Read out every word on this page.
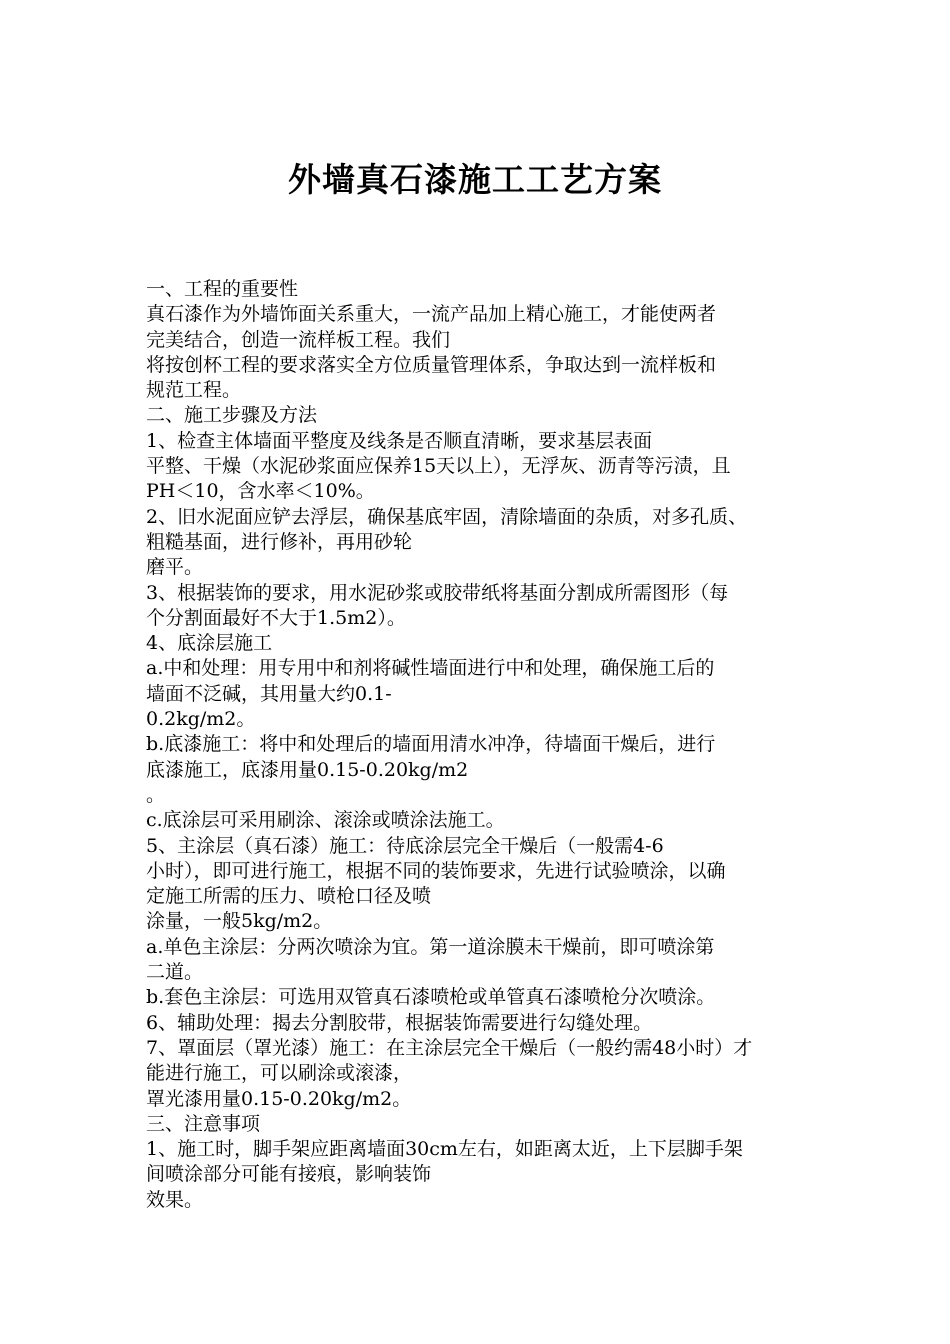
外墙真石漆施工工艺方案

一、工程的重要性

真石漆作为外墙饰面关系重大，一流产品加上精心施工，才能使两者

完美结合，创造一流样板工程。我们

将按创杯工程的要求落实全方位质量管理体系，争取达到一流样板和

规范工程。

二、施工步骤及方法

1、检查主体墙面平整度及线条是否顺直清晰，要求基层表面

平整、干燥（水泥砂浆面应保养15天以上），无浮灰、沥青等污渍，且

PH＜10，含水率＜10%。

2、旧水泥面应铲去浮层，确保基底牢固，清除墙面的杂质，对多孔质、

粗糙基面，进行修补，再用砂轮

磨平。

3、根据装饰的要求，用水泥砂浆或胶带纸将基面分割成所需图形（每

个分割面最好不大于1.5m2）。

4、底涂层施工

a.中和处理：用专用中和剂将碱性墙面进行中和处理，确保施工后的

墙面不泛碱，其用量大约0.1-

0.2kg/m2。

b.底漆施工：将中和处理后的墙面用清水冲净，待墙面干燥后，进行

底漆施工，底漆用量0.15-0.20kg/m2

。

c.底涂层可采用刷涂、滚涂或喷涂法施工。

5、主涂层（真石漆）施工：待底涂层完全干燥后（一般需4-6

小时），即可进行施工，根据不同的装饰要求，先进行试验喷涂，以确

定施工所需的压力、喷枪口径及喷

涂量，一般5kg/m2。

a.单色主涂层：分两次喷涂为宜。第一道涂膜未干燥前，即可喷涂第

二道。

b.套色主涂层：可选用双管真石漆喷枪或单管真石漆喷枪分次喷涂。

6、辅助处理：揭去分割胶带，根据装饰需要进行勾缝处理。

7、罩面层（罩光漆）施工：在主涂层完全干燥后（一般约需48小时）才

能进行施工，可以刷涂或滚漆，

罩光漆用量0.15-0.20kg/m2。

三、注意事项

1、施工时，脚手架应距离墙面30cm左右，如距离太近，上下层脚手架

间喷涂部分可能有接痕，影响装饰

效果。
